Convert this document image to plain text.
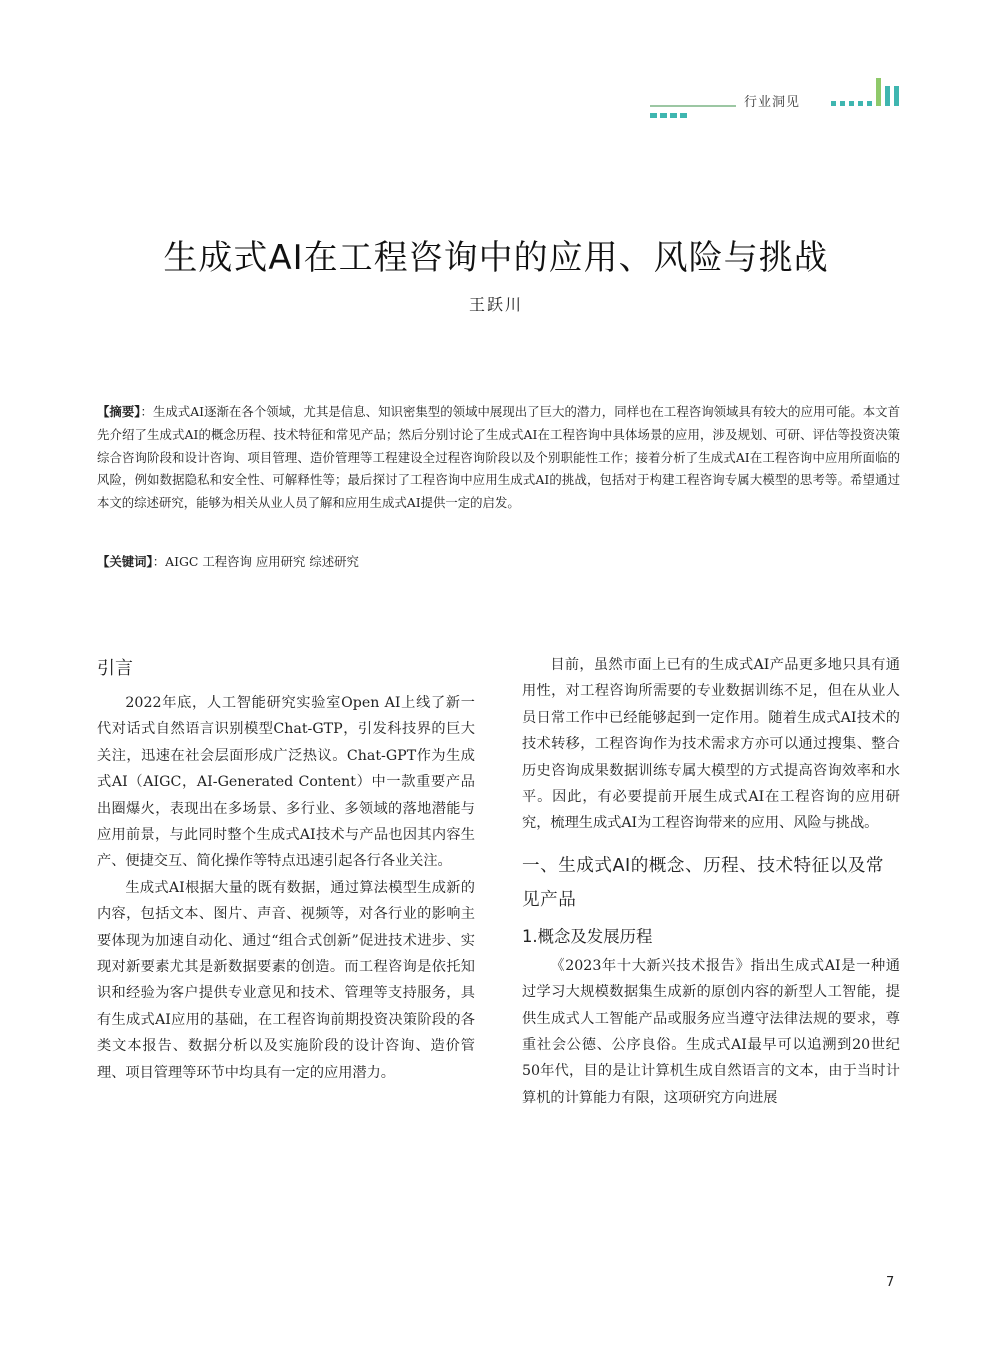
行业洞见
生成式AI在工程咨询中的应用、风险与挑战
王跃川
【摘要】：生成式AI逐渐在各个领域，尤其是信息、知识密集型的领域中展现出了巨大的潜力，同样也在工程咨询领域具有较大的应用可能。本文首先介绍了生成式AI的概念历程、技术特征和常见产品；然后分别讨论了生成式AI在工程咨询中具体场景的应用，涉及规划、可研、评估等投资决策综合咨询阶段和设计咨询、项目管理、造价管理等工程建设全过程咨询阶段以及个别职能性工作；接着分析了生成式AI在工程咨询中应用所面临的风险，例如数据隐私和安全性、可解释性等；最后探讨了工程咨询中应用生成式AI的挑战，包括对于构建工程咨询专属大模型的思考等。希望通过本文的综述研究，能够为相关从业人员了解和应用生成式AI提供一定的启发。
【关键词】：AIGC 工程咨询 应用研究 综述研究
引言

2022年底，人工智能研究实验室Open AI上线了新一代对话式自然语言识别模型Chat-GTP，引发科技界的巨大关注，迅速在社会层面形成广泛热议。Chat-GPT作为生成式AI（AIGC，AI-Generated Content）中一款重要产品出圈爆火，表现出在多场景、多行业、多领域的落地潜能与应用前景，与此同时整个生成式AI技术与产品也因其内容生产、便捷交互、简化操作等特点迅速引起各行各业关注。

生成式AI根据大量的既有数据，通过算法模型生成新的内容，包括文本、图片、声音、视频等，对各行业的影响主要体现为加速自动化、通过“组合式创新”促进技术进步、实现对新要素尤其是新数据要素的创造。而工程咨询是依托知识和经验为客户提供专业意见和技术、管理等支持服务，具有生成式AI应用的基础，在工程咨询前期投资决策阶段的各类文本报告、数据分析以及实施阶段的设计咨询、造价管理、项目管理等环节中均具有一定的应用潜力。

目前，虽然市面上已有的生成式AI产品更多地只具有通用性，对工程咨询所需要的专业数据训练不足，但在从业人员日常工作中已经能够起到一定作用。随着生成式AI技术的技术转移，工程咨询作为技术需求方亦可以通过搜集、整合历史咨询成果数据训练专属大模型的方式提高咨询效率和水平。因此，有必要提前开展生成式AI在工程咨询的应用研究，梳理生成式AI为工程咨询带来的应用、风险与挑战。

一、生成式AI的概念、历程、技术特征以及常见产品
1.概念及发展历程

《2023年十大新兴技术报告》指出生成式AI是一种通过学习大规模数据集生成新的原创内容的新型人工智能，提供生成式人工智能产品或服务应当遵守法律法规的要求，尊重社会公德、公序良俗。生成式AI最早可以追溯到20世纪50年代，目的是让计算机生成自然语言的文本，由于当时计算机的计算能力有限，这项研究方向进展

7
